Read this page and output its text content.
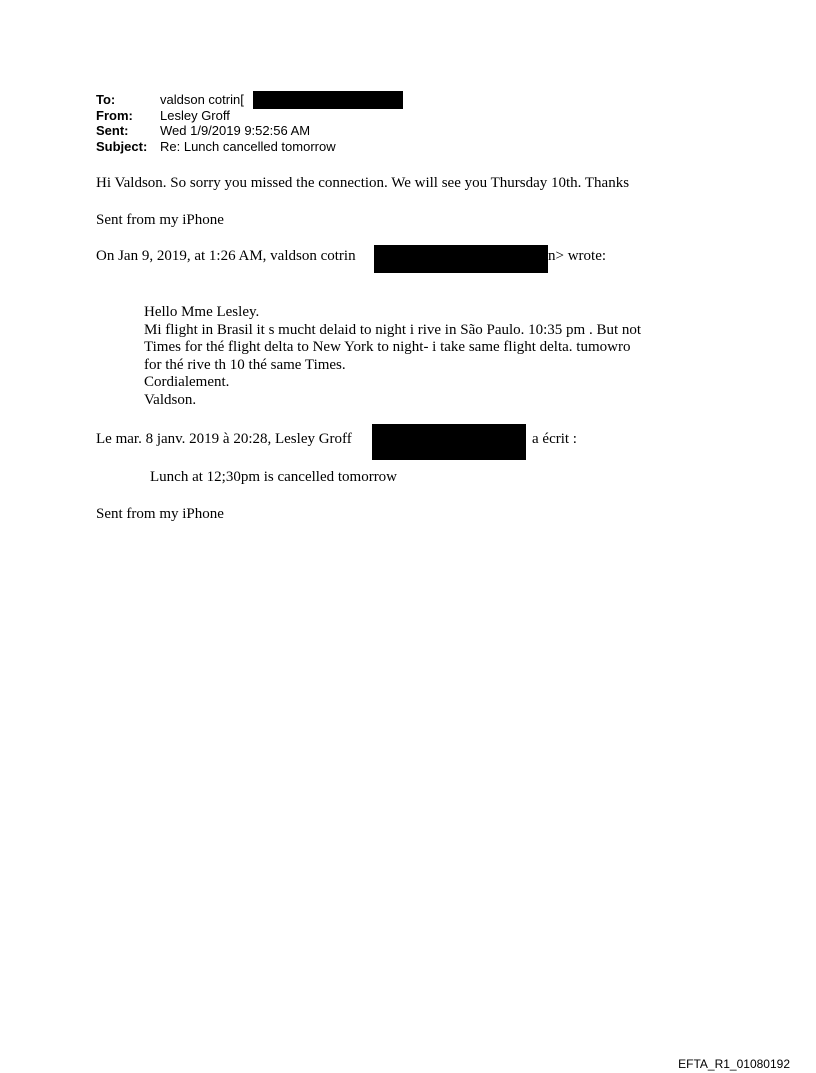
To:	valdson cotrin[
From:	Lesley Groff
Sent:	Wed 1/9/2019 9:52:56 AM
Subject: Re: Lunch cancelled tomorrow
Hi Valdson. So sorry you missed the connection. We will see you Thursday 10th. Thanks
Sent from my iPhone
On Jan 9, 2019, at 1:26 AM, valdson cotrin	n> wrote:
Hello Mme Lesley.
Mi flight in Brasil it s mucht delaid to night i rive in São Paulo. 10:35 pm . But not
Times for thé flight delta to New York to night- i take same flight delta. tumowro
for thé rive th 10 thé same Times.
Cordialement.
Valdson.
Le mar. 8 janv. 2019 à 20:28, Lesley Groff	a écrit :
Lunch at 12;30pm is cancelled tomorrow
Sent from my iPhone
EFTA_R1_01080192
